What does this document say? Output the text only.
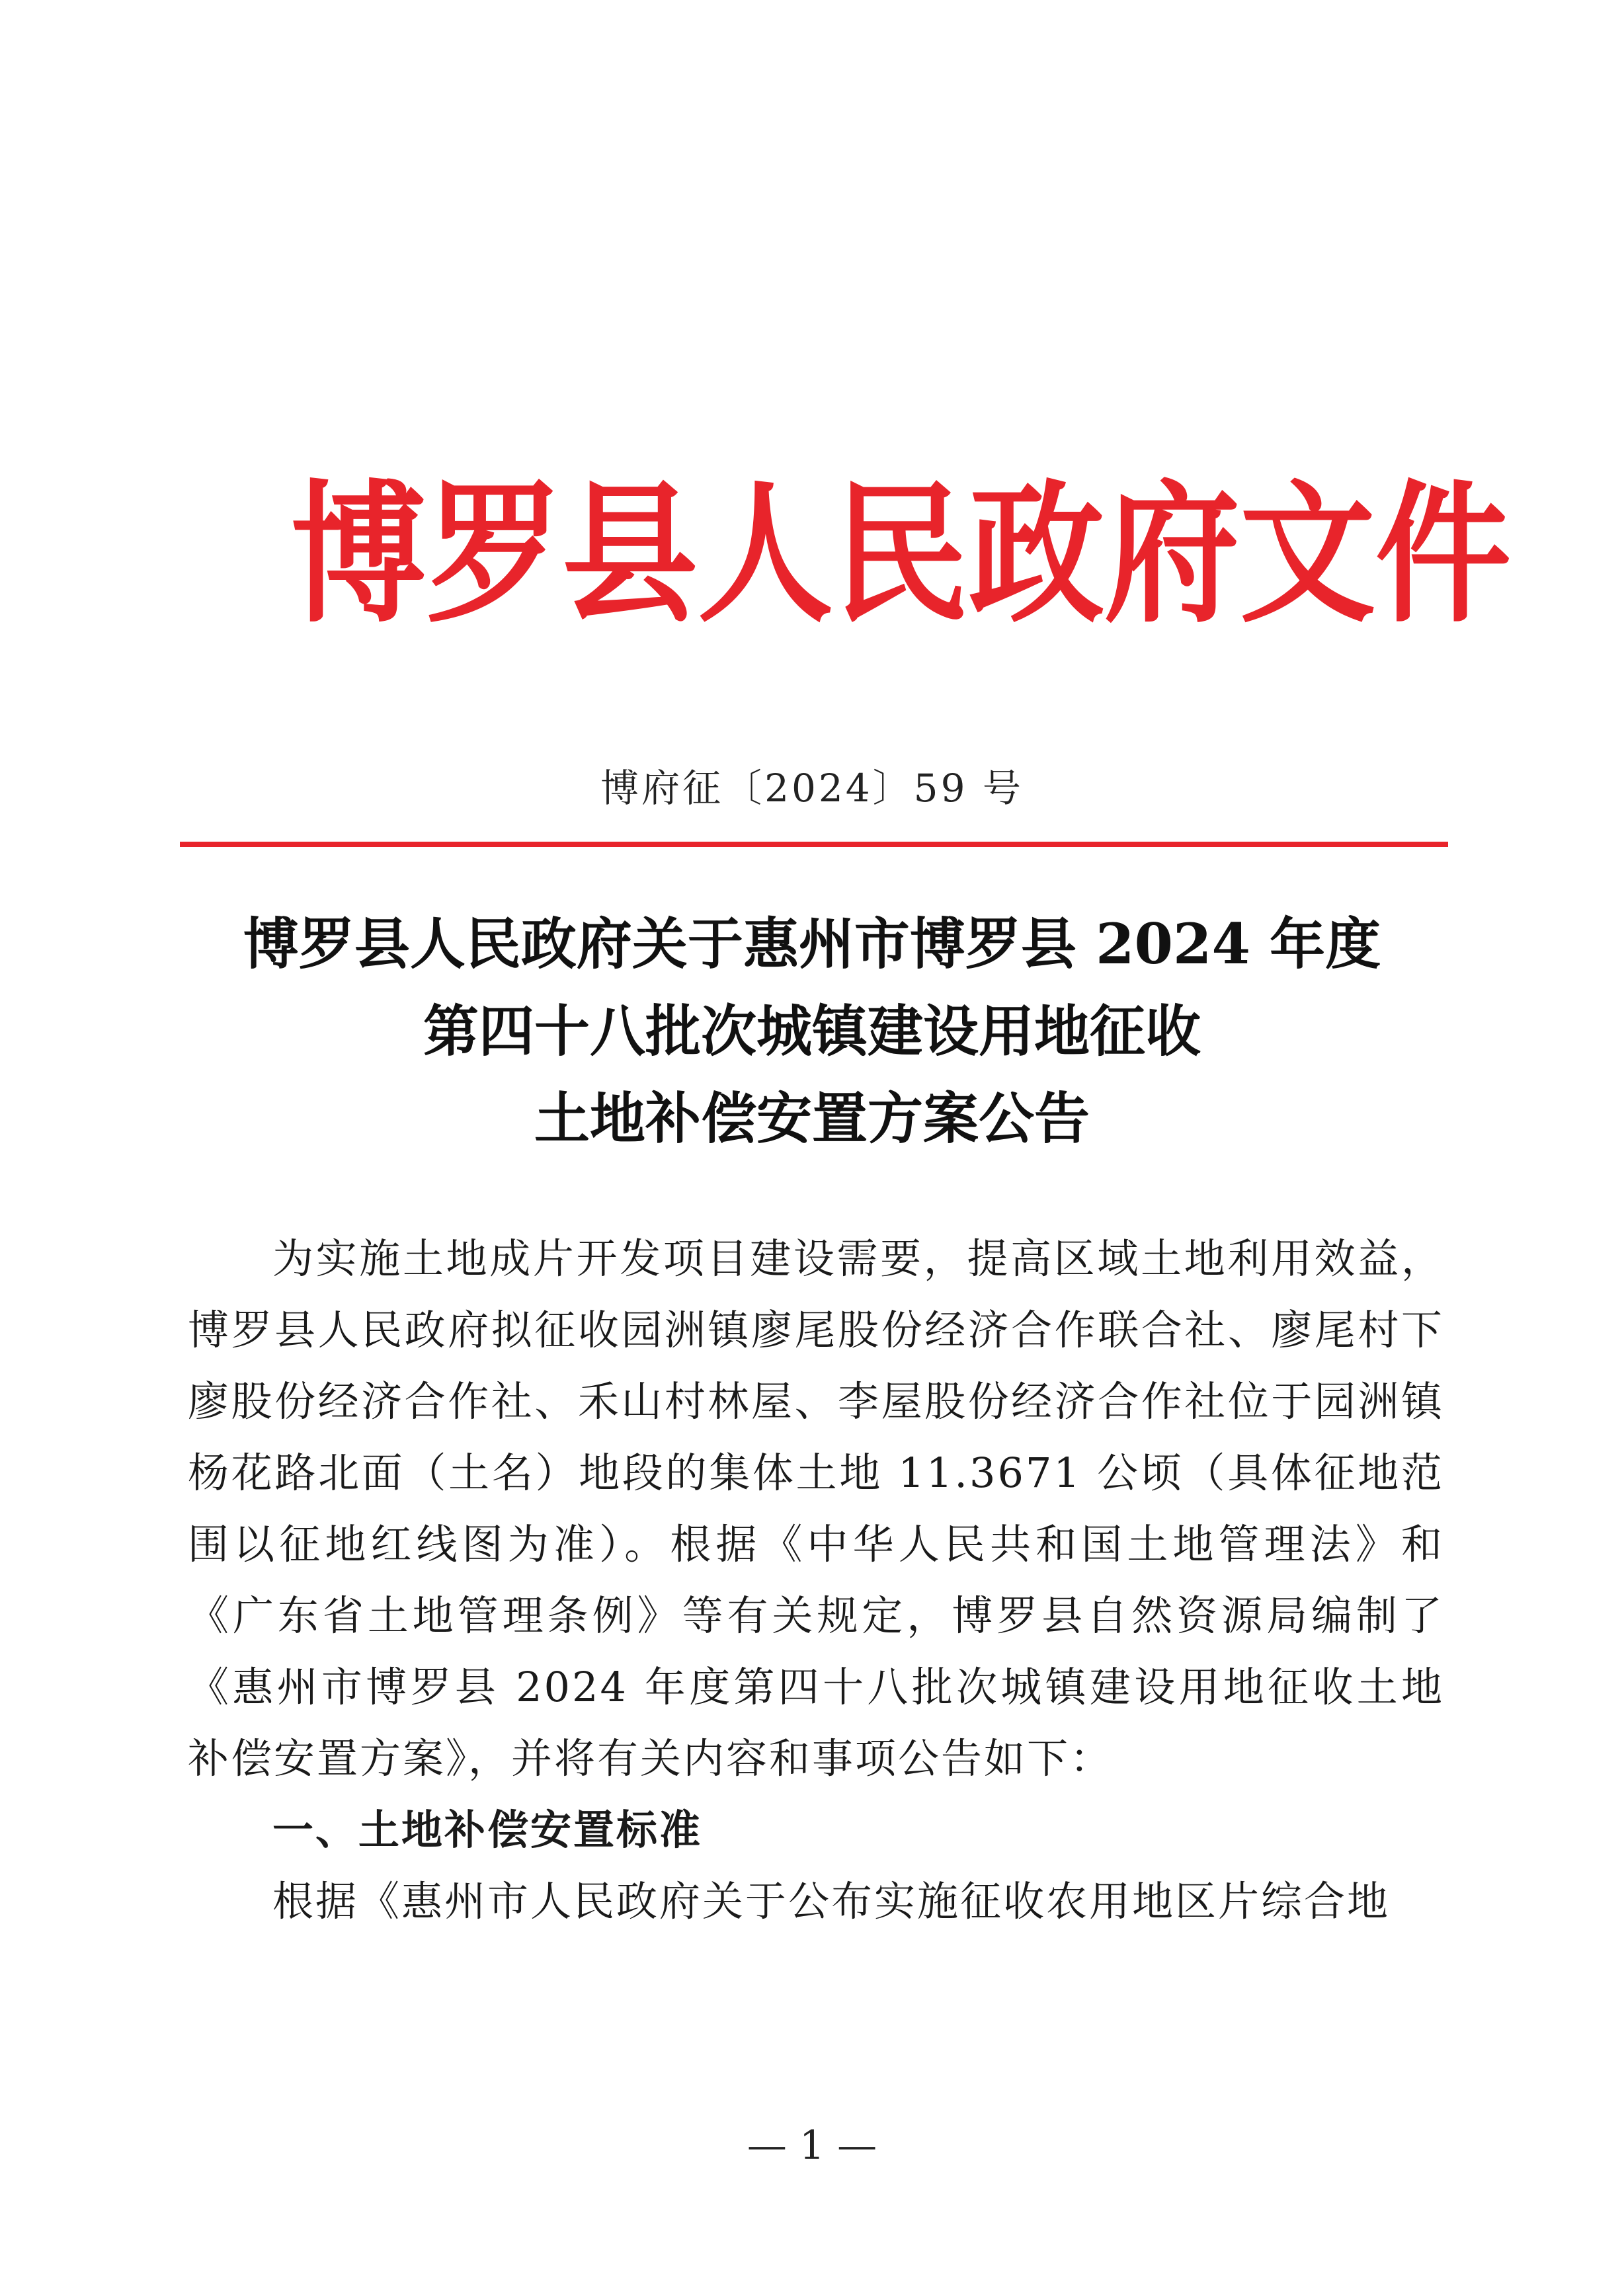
博罗县人民政府文件
博府征〔2024〕59 号
博罗县人民政府关于惠州市博罗县 2024 年度
第四十八批次城镇建设用地征收
土地补偿安置方案公告

为实施土地成片开发项目建设需要，提高区域土地利用效益，博罗县人民政府拟征收园洲镇廖尾股份经济合作联合社、廖尾村下廖股份经济合作社、禾山村林屋、李屋股份经济合作社位于园洲镇杨花路北面（土名）地段的集体土地 11.3671 公顷（具体征地范围以征地红线图为准）。根据《中华人民共和国土地管理法》和《广东省土地管理条例》等有关规定，博罗县自然资源局编制了《惠州市博罗县 2024 年度第四十八批次城镇建设用地征收土地补偿安置方案》，并将有关内容和事项公告如下：

一、土地补偿安置标准

根据《惠州市人民政府关于公布实施征收农用地区片综合地

— 1 —
